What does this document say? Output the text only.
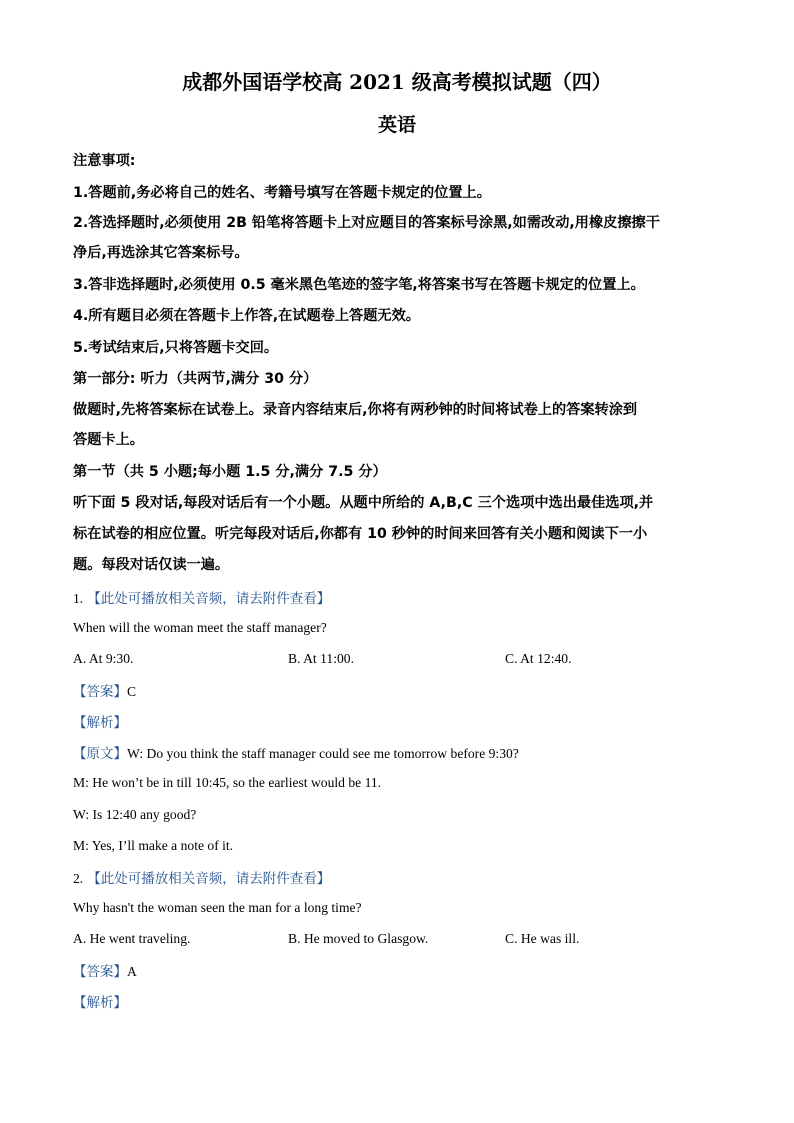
成都外国语学校高 2021 级高考模拟试题（四）
英语
注意事项:
1.答题前,务必将自己的姓名、考籍号填写在答题卡规定的位置上。
2.答选择题时,必须使用 2B 铅笔将答题卡上对应题目的答案标号涂黑,如需改动,用橡皮擦擦干
净后,再选涂其它答案标号。
3.答非选择题时,必须使用 0.5 毫米黑色笔迹的签字笔,将答案书写在答题卡规定的位置上。
4.所有题目必须在答题卡上作答,在试题卷上答题无效。
5.考试结束后,只将答题卡交回。
第一部分: 听力（共两节,满分 30 分）
做题时,先将答案标在试卷上。录音内容结束后,你将有两秒钟的时间将试卷上的答案转涂到
答题卡上。
第一节（共 5 小题;每小题 1.5 分,满分 7.5 分）
听下面 5 段对话,每段对话后有一个小题。从题中所给的 A,B,C 三个选项中选出最佳选项,并
标在试卷的相应位置。听完每段对话后,你都有 10 秒钟的时间来回答有关小题和阅读下一小
题。每段对话仅读一遍。
1. 【此处可播放相关音频，请去附件查看】
When will the woman meet the staff manager?
A. At 9:30.	B. At 11:00.	C. At 12:40.
【答案】C
【解析】
【原文】W: Do you think the staff manager could see me tomorrow before 9:30?
M: He won’t be in till 10:45, so the earliest would be 11.
W: Is 12:40 any good?
M: Yes, I’ll make a note of it.
2. 【此处可播放相关音频，请去附件查看】
Why hasn't the woman seen the man for a long time?
A. He went traveling.	B. He moved to Glasgow.	C. He was ill.
【答案】A
【解析】
